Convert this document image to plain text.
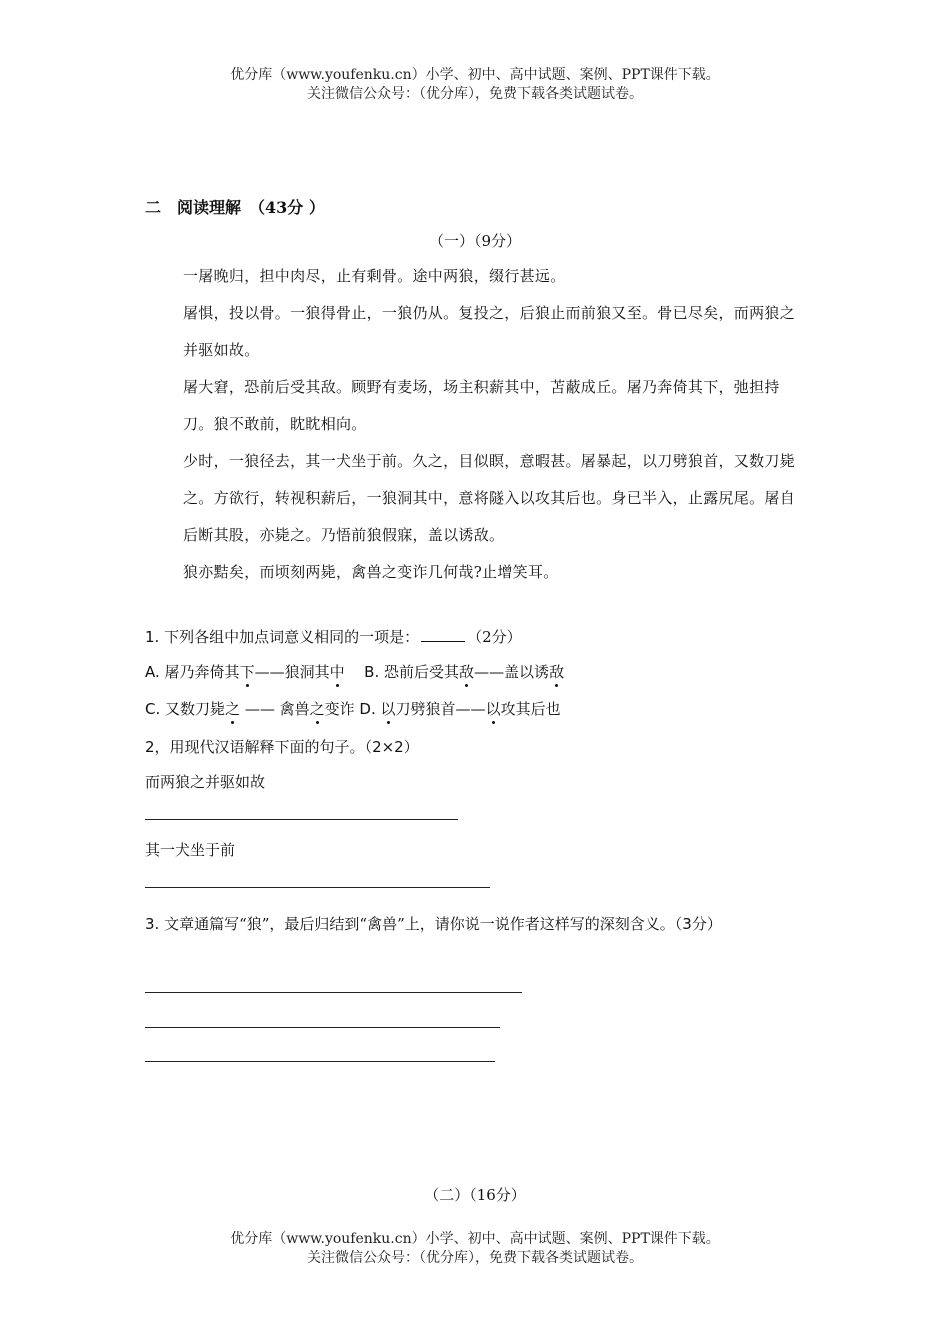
优分库（www.youfenku.cn）小学、初中、高中试题、案例、PPT课件下载。
关注微信公众号：（优分库），免费下载各类试题试卷。
二　阅读理解　（43分 ）
（一）（9分）
一屠晚归，担中肉尽，止有剩骨。途中两狼，缀行甚远。
屠惧，投以骨。一狼得骨止，一狼仍从。复投之，后狼止而前狼又至。骨已尽矣，而两狼之并驱如故。
屠大窘，恐前后受其敌。顾野有麦场，场主积薪其中，苫蔽成丘。屠乃奔倚其下，弛担持刀。狼不敢前，眈眈相向。
少时，一狼径去，其一犬坐于前。久之，目似瞑，意暇甚。屠暴起，以刀劈狼首，又数刀毙之。方欲行，转视积薪后，一狼洞其中，意将隧入以攻其后也。身已半入，止露尻尾。屠自后断其股，亦毙之。乃悟前狼假寐，盖以诱敌。
狼亦黠矣，而顷刻两毙，禽兽之变诈几何哉?止增笑耳。
1. 下列各组中加点词意义相同的一项是：	（2分）
A. 屠乃奔倚其下——狼洞其中 B. 恐前后受其敌——盖以诱敌
C. 又数刀毙之 —— 禽兽之变诈 D. 以刀劈狼首——以攻其后也
2，用现代汉语解释下面的句子。（2×2）
而两狼之并驱如故
其一犬坐于前
3. 文章通篇写“狼”，最后归结到“禽兽”上，请你说一说作者这样写的深刻含义。（3分）
（二）（16分）
优分库（www.youfenku.cn）小学、初中、高中试题、案例、PPT课件下载。
关注微信公众号：（优分库），免费下载各类试题试卷。
